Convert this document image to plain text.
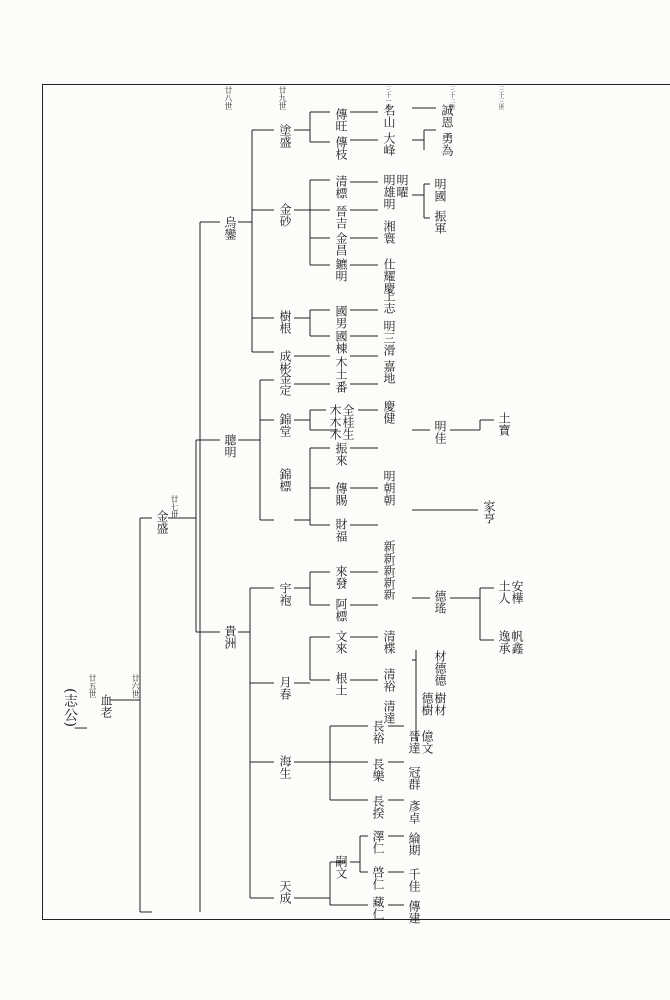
廿五世	廿六世
廿七世
廿八世	廿九世	三十一世	三十二世	三十三世
(志公)
|
血老
金盛
聰明
貴洲
烏鑾
天成
月春
海生
宇袍
金定
錦堂
錦標
成彬
樹根
金砂
塗盛
嗣文
傳旺
傳枝
清標
晉吉
金昌
鑣明
國男
國棟
木土
番
木木木 全桂生
振來
傳賜
財福
來發
阿標
文來
根土
長裕
長樂
長揆
澤仁
啓仁
藏仁
名山
大峰
明雄明 明曜
湘寰
仕耀慶
上志
明三滑
嘉地
慶健
明朝朝
新新新新新
清楪
清裕
清達
晉達
冠群
彥卓
綸期
千佳
傳建
誠恩
勇為
明國
振軍
明佳
德瑤
材德德
樹材
德樹
億文
土寶
家亨
土人 安樺
逸承 帆鑫
